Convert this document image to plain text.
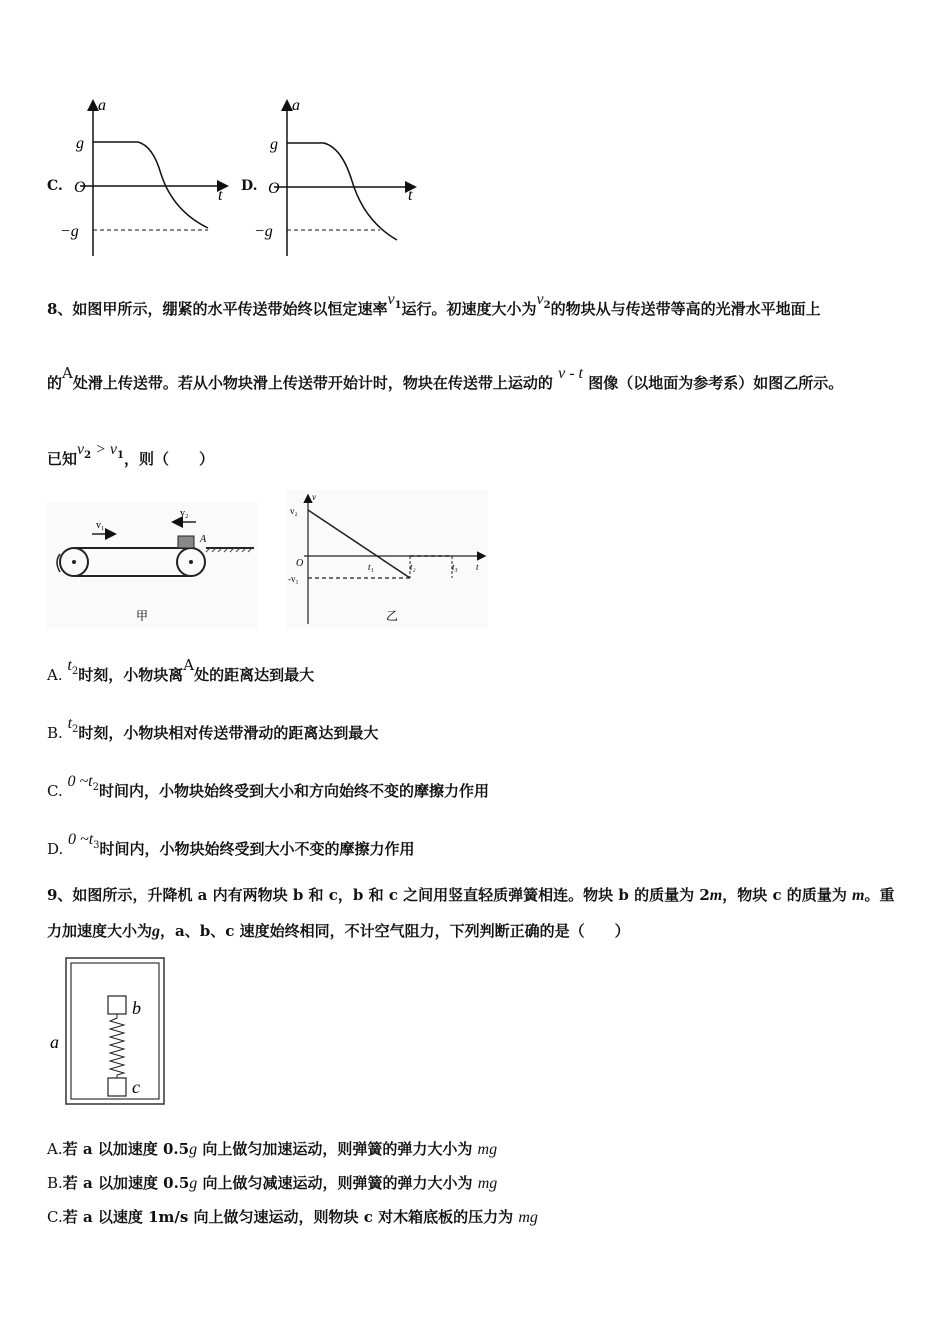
C.
a
t
g
O
−g
D.
a
t
g
O
−g
8、如图甲所示，绷紧的水平传送带始终以恒定速率$v_1$运行。初速度大小为$v_2$的物块从与传送带等高的光滑水平地面上
的A处滑上传送带。若从小物块滑上传送带开始计时，物块在传送带上运动的 v - t 图像（以地面为参考系）如图乙所示。
已知$v_2 > v_1$，则（　　）
v₁
v₂
A
甲
v
v₂
O
-v₁
t₁	t₂	t₃ t
乙
A. $t_2$时刻，小物块离A处的距离达到最大
B. $t_2$时刻，小物块相对传送带滑动的距离达到最大
C. 0 $\sim t_2$时间内，小物块始终受到大小和方向始终不变的摩擦力作用
D. 0 $\sim t_3$时间内，小物块始终受到大小不变的摩擦力作用
9、如图所示，升降机 a 内有两物块 b 和 c，b 和 c 之间用竖直轻质弹簧相连。物块 b 的质量为 2m，物块 c 的质量为 m。重
力加速度大小为g，a、b、c 速度始终相同，不计空气阻力，下列判断正确的是（　　）
b
c
a
A.若 a 以加速度 0.5g 向上做匀加速运动，则弹簧的弹力大小为 mg
B.若 a 以加速度 0.5g 向上做匀减速运动，则弹簧的弹力大小为 mg
C.若 a 以速度 1m/s 向上做匀速运动，则物块 c 对木箱底板的压力为 mg
